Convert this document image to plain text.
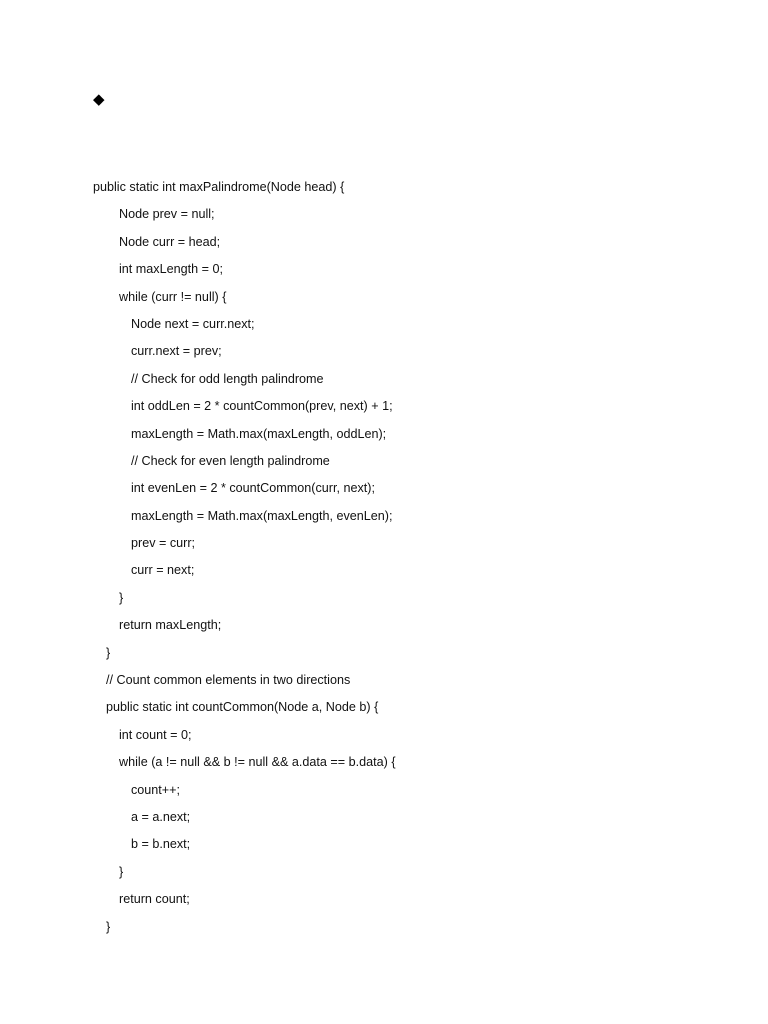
◆
public static int maxPalindrome(Node head) {
Node prev = null;
Node curr = head;
int maxLength = 0;
while (curr != null) {
Node next = curr.next;
curr.next = prev;
// Check for odd length palindrome
int oddLen = 2 * countCommon(prev, next) + 1;
maxLength = Math.max(maxLength, oddLen);
// Check for even length palindrome
int evenLen = 2 * countCommon(curr, next);
maxLength = Math.max(maxLength, evenLen);
prev = curr;
curr = next;
}
return maxLength;
}
// Count common elements in two directions
public static int countCommon(Node a, Node b) {
int count = 0;
while (a != null && b != null && a.data == b.data) {
count++;
a = a.next;
b = b.next;
}
return count;
}
